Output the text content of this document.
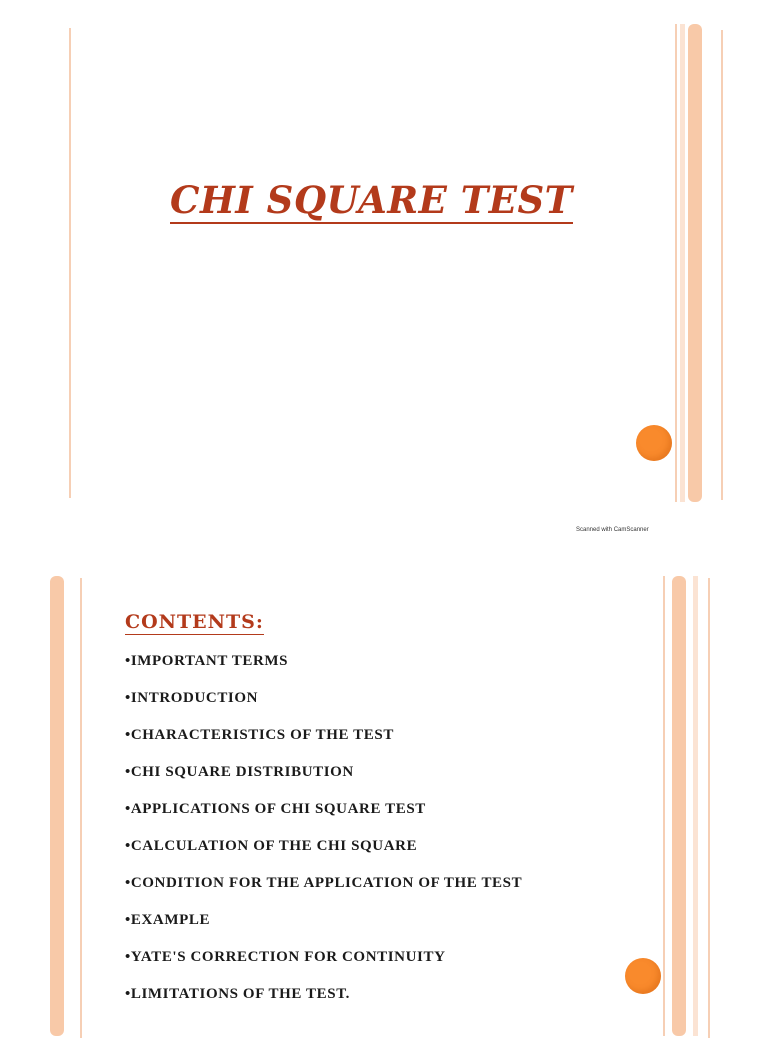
CHI SQUARE TEST
Scanned with CamScanner
CONTENTS:
•IMPORTANT TERMS
•INTRODUCTION
•CHARACTERISTICS OF THE TEST
•CHI SQUARE DISTRIBUTION
•APPLICATIONS OF CHI SQUARE TEST
•CALCULATION OF THE CHI SQUARE
•CONDITION FOR THE APPLICATION OF THE TEST
•EXAMPLE
•YATE'S CORRECTION FOR CONTINUITY
•LIMITATIONS OF THE TEST.
